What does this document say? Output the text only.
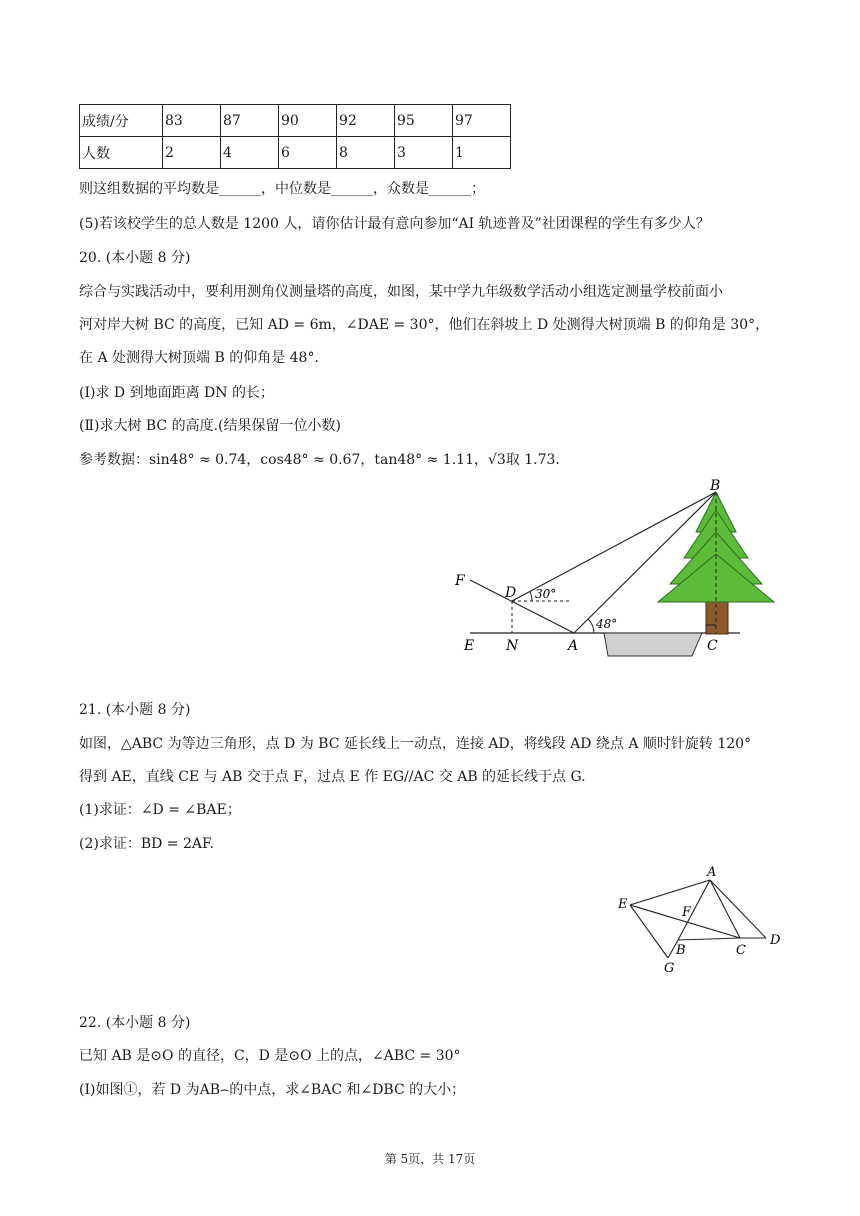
成绩/分	83	87	90	92	95	97
人数	2	4	6	8	3	1
则这组数据的平均数是______，中位数是______，众数是______；
(5)若该校学生的总人数是 1200 人，请你估计最有意向参加“AI 轨迹普及”社团课程的学生有多少人？
20. (本小题 8 分)
综合与实践活动中，要利用测角仪测量塔的高度，如图，某中学九年级数学活动小组选定测量学校前面小
河对岸大树 BC 的高度，已知 AD = 6m，∠DAE = 30°，他们在斜坡上 D 处测得大树顶端 B 的仰角是 30°，
在 A 处测得大树顶端 B 的仰角是 48°.
(Ⅰ)求 D 到地面距离 DN 的长；
(Ⅱ)求大树 BC 的高度.(结果保留一位小数)
参考数据：sin48° ≈ 0.74，cos48° ≈ 0.67，tan48° ≈ 1.11，√3取 1.73.
B
F
D 30°
48°
E N	A	C
21. (本小题 8 分)
如图，△ABC 为等边三角形，点 D 为 BC 延长线上一动点，连接 AD，将线段 AD 绕点 A 顺时针旋转 120°
得到 AE，直线 CE 与 AB 交于点 F，过点 E 作 EG//AC 交 AB 的延长线于点 G.
(1)求证：∠D = ∠BAE；
(2)求证：BD = 2AF.
A
E
F
B	C
D
G
22. (本小题 8 分)
已知 AB 是⊙O 的直径，C，D 是⊙O 上的点，∠ABC = 30°
(I)如图①，若 D 为AB⌢的中点，求∠BAC 和∠DBC 的大小；
第 5页，共 17页
